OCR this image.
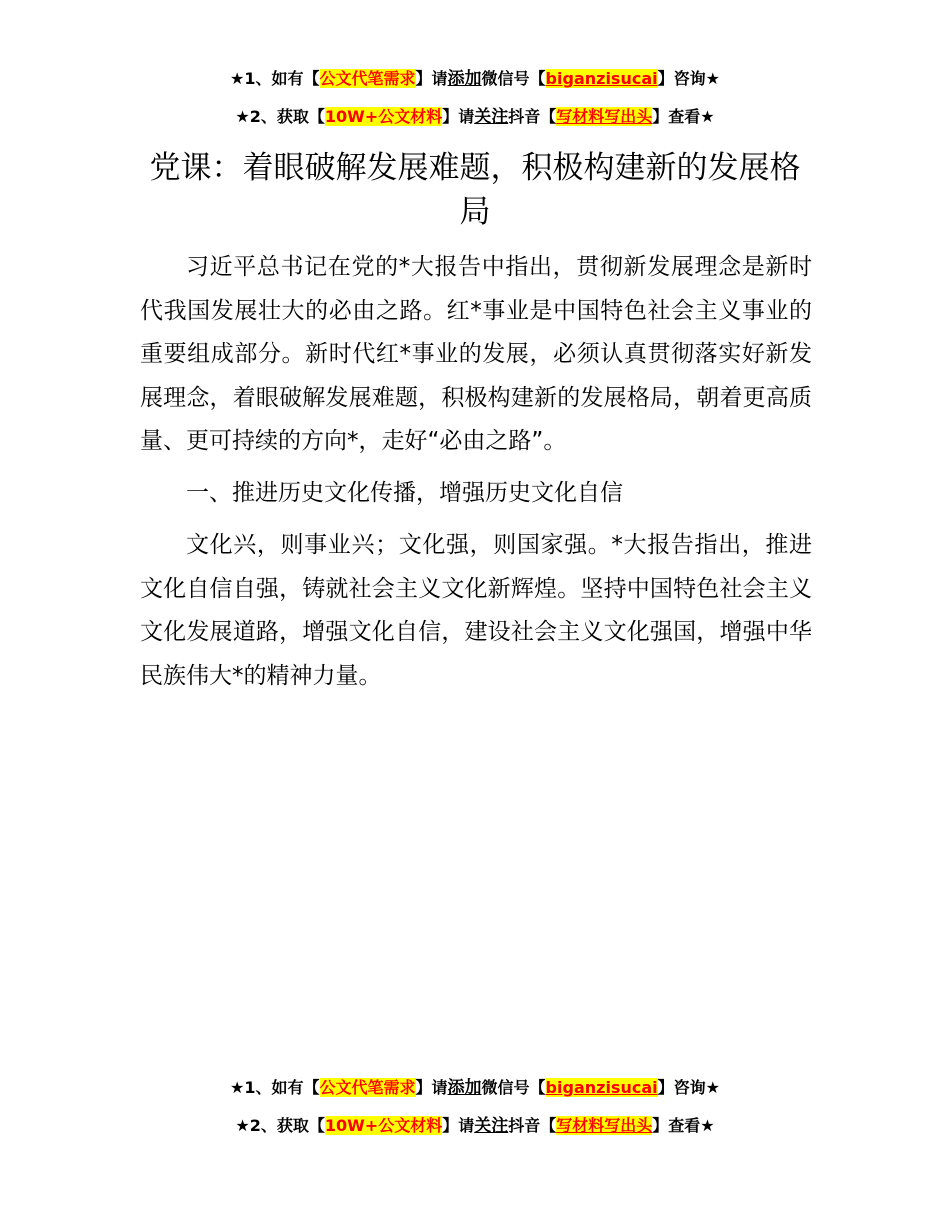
★1、如有【公文代笔需求】请添加微信号【biganzisucai】咨询★
★2、获取【10W+公文材料】请关注抖音【写材料写出头】查看★
党课：着眼破解发展难题，积极构建新的发展格局
习近平总书记在党的*大报告中指出，贯彻新发展理念是新时代我国发展壮大的必由之路。红*事业是中国特色社会主义事业的重要组成部分。新时代红*事业的发展，必须认真贯彻落实好新发展理念，着眼破解发展难题，积极构建新的发展格局，朝着更高质量、更可持续的方向*，走好“必由之路”。
一、推进历史文化传播，增强历史文化自信
文化兴，则事业兴；文化强，则国家强。*大报告指出，推进文化自信自强，铸就社会主义文化新辉煌。坚持中国特色社会主义文化发展道路，增强文化自信，建设社会主义文化强国，增强中华民族伟大*的精神力量。
★1、如有【公文代笔需求】请添加微信号【biganzisucai】咨询★
★2、获取【10W+公文材料】请关注抖音【写材料写出头】查看★
